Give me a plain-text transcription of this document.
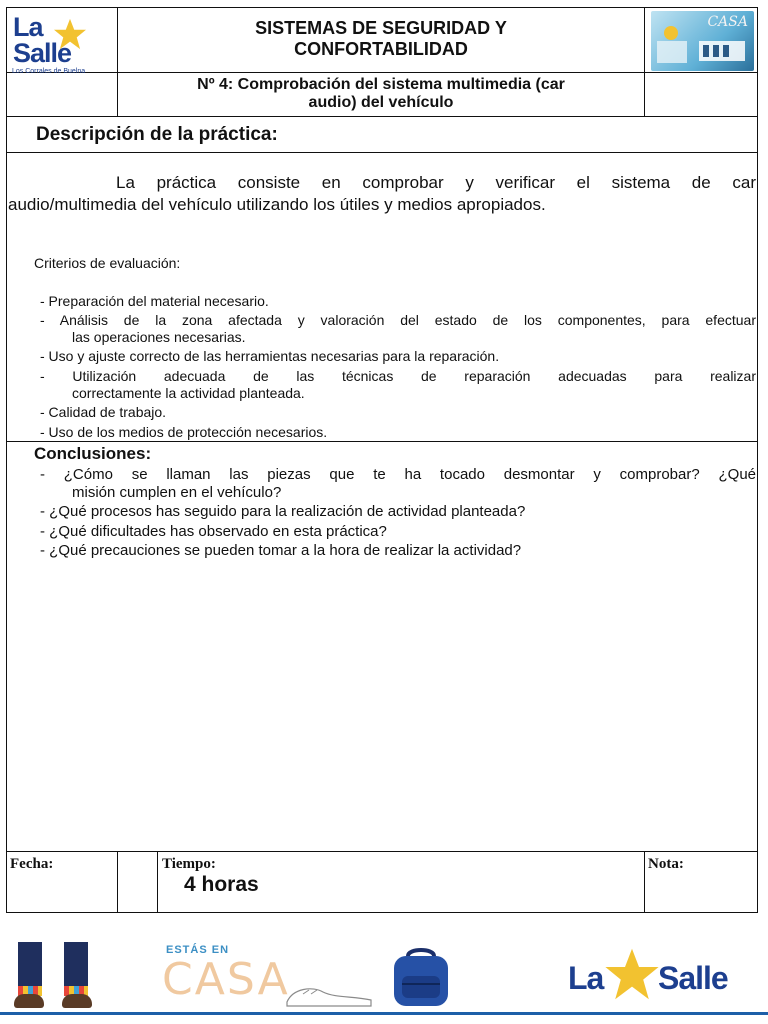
La
Salle
Los Corrales de Buelna
SISTEMAS DE SEGURIDAD Y
CONFORTABILIDAD
Nº 4: Comprobación del sistema multimedia (car
audio) del vehículo
CASA
Descripción de la práctica:
La práctica consiste en comprobar y verificar el sistema de car
audio/multimedia del vehículo utilizando los útiles y medios apropiados.
Criterios de evaluación:
- Preparación del material necesario.
- Análisis de la zona afectada y valoración del estado de los componentes, para efectuar
las operaciones necesarias.
- Uso y ajuste correcto de las herramientas necesarias para la reparación.
- Utilización adecuada de las técnicas de reparación adecuadas para realizar
correctamente la actividad planteada.
- Calidad de trabajo.
- Uso de los medios de protección necesarios.
Conclusiones:
- ¿Cómo se llaman las piezas que te ha tocado desmontar y comprobar? ¿Qué
misión cumplen en el vehículo?
- ¿Qué procesos has seguido para la realización de actividad planteada?
- ¿Qué dificultades has observado en esta práctica?
- ¿Qué precauciones se pueden tomar a la hora de realizar la actividad?
Fecha:	Tiempo:
4 horas
Nota:
ESTÁS EN
CASA	La Salle
